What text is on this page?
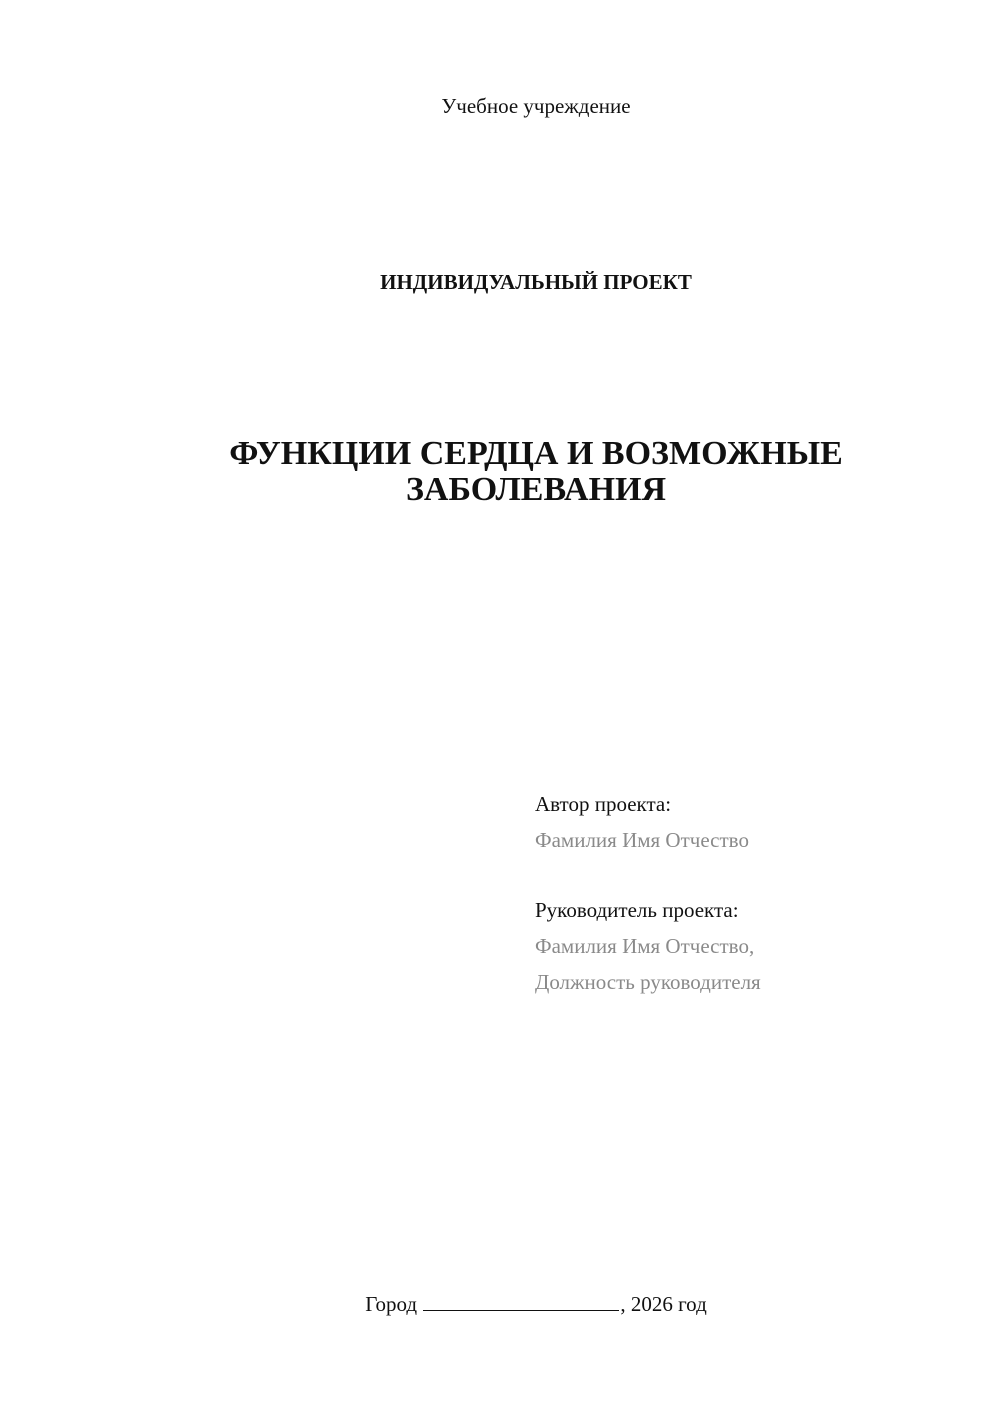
Учебное учреждение
ИНДИВИДУАЛЬНЫЙ ПРОЕКТ
ФУНКЦИИ СЕРДЦА И ВОЗМОЖНЫЕ
ЗАБОЛЕВАНИЯ
Автор проекта:
Фамилия Имя Отчество
Руководитель проекта:
Фамилия Имя Отчество,
Должность руководителя
Город	, 2026 год
